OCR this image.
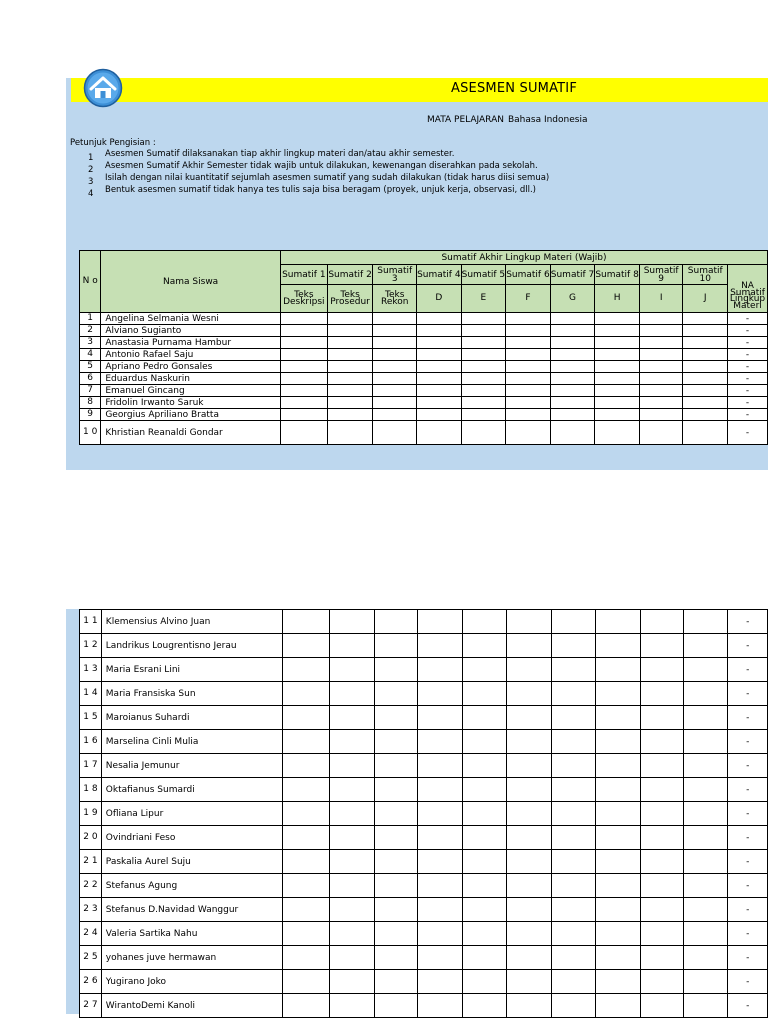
ASESMEN SUMATIF
MATA PELAJARAN Bahasa Indonesia
Petunjuk Pengisian :
1 Asesmen Sumatif dilaksanakan tiap akhir lingkup materi dan/atau akhir semester.
2 Asesmen Sumatif Akhir Semester tidak wajib untuk dilakukan, kewenangan diserahkan pada sekolah.
3 Isilah dengan nilai kuantitatif sejumlah asesmen sumatif yang sudah dilakukan (tidak harus diisi semua)
4 Bentuk asesmen sumatif tidak hanya tes tulis saja bisa beragam (proyek, unjuk kerja, observasi, dll.)
N o	Nama Siswa	Sumatif Akhir Lingkup Materi (Wajib)										
		Sumatif 1	Sumatif 2	Sumatif 3	Sumatif 4	Sumatif 5	Sumatif 6	Sumatif 7	Sumatif 8	Sumatif 9	Sumatif 10	NA Sumatif Lingkup Materi
		Teks Deskripsi	Teks Prosedur	Teks Rekon	D	E	F	G	H	I	J	
1	Angelina Selmania Wesni											-
2	Alviano Sugianto											-
3	Anastasia Purnama Hambur											-
4	Antonio Rafael Saju											-
5	Apriano Pedro Gonsales											-
6	Eduardus Naskurin											-
7	Emanuel Gincang											-
8	Fridolin Irwanto Saruk											-
9	Georgius Apriliano Bratta											-
1 0	Khristian Reanaldi Gondar											-
1 1	Klemensius Alvino Juan											-
1 2	Landrikus Lougrentisno Jerau											-
1 3	Maria Esrani Lini											-
1 4	Maria Fransiska Sun											-
1 5	Maroianus Suhardi											-
1 6	Marselina Cinli Mulia											-
1 7	Nesalia Jemunur											-
1 8	Oktafianus Sumardi											-
1 9	Ofliana Lipur											-
2 0	Ovindriani Feso											-
2 1	Paskalia Aurel Suju											-
2 2	Stefanus Agung											-
2 3	Stefanus D.Navidad Wanggur											-
2 4	Valeria Sartika Nahu											-
2 5	yohanes juve hermawan											-
2 6	Yugirano Joko											-
2 7	WirantoDemi Kanoli											-
